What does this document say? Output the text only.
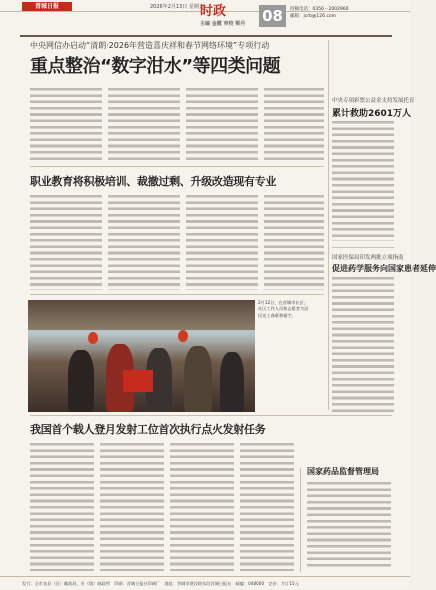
晋城日报	2026年2月13日 星期五
时政
主编 金霞 审校 梁丹 08	投稿电话：0356－2002960
邮箱：jcrb@126.com
中央网信办启动“清朗·2026年营造喜庆祥和春节网络环境”专项行动
重点整治“数字泔水”等四类问题
职业教育将积极培训、裁撤过剩、升级改造现有专业
中央专项彩票公益金支持发展托育
累计救助2601万人
国家医保局印发两批立项指南
促进药学服务向国家患者延伸
2月12日，在晋城市社区，社区工作人员和志愿者为居民送上春联和福字。
我国首个载人登月发射工位首次执行点火发射任务
国家药品监督管理局
发行：全市各县（区）邮政局，乡（镇）邮政所　印刷：晋城日报社印刷厂　地址：晋城市建设路东段晋城日报社　邮编：048000　定价：月订15元
